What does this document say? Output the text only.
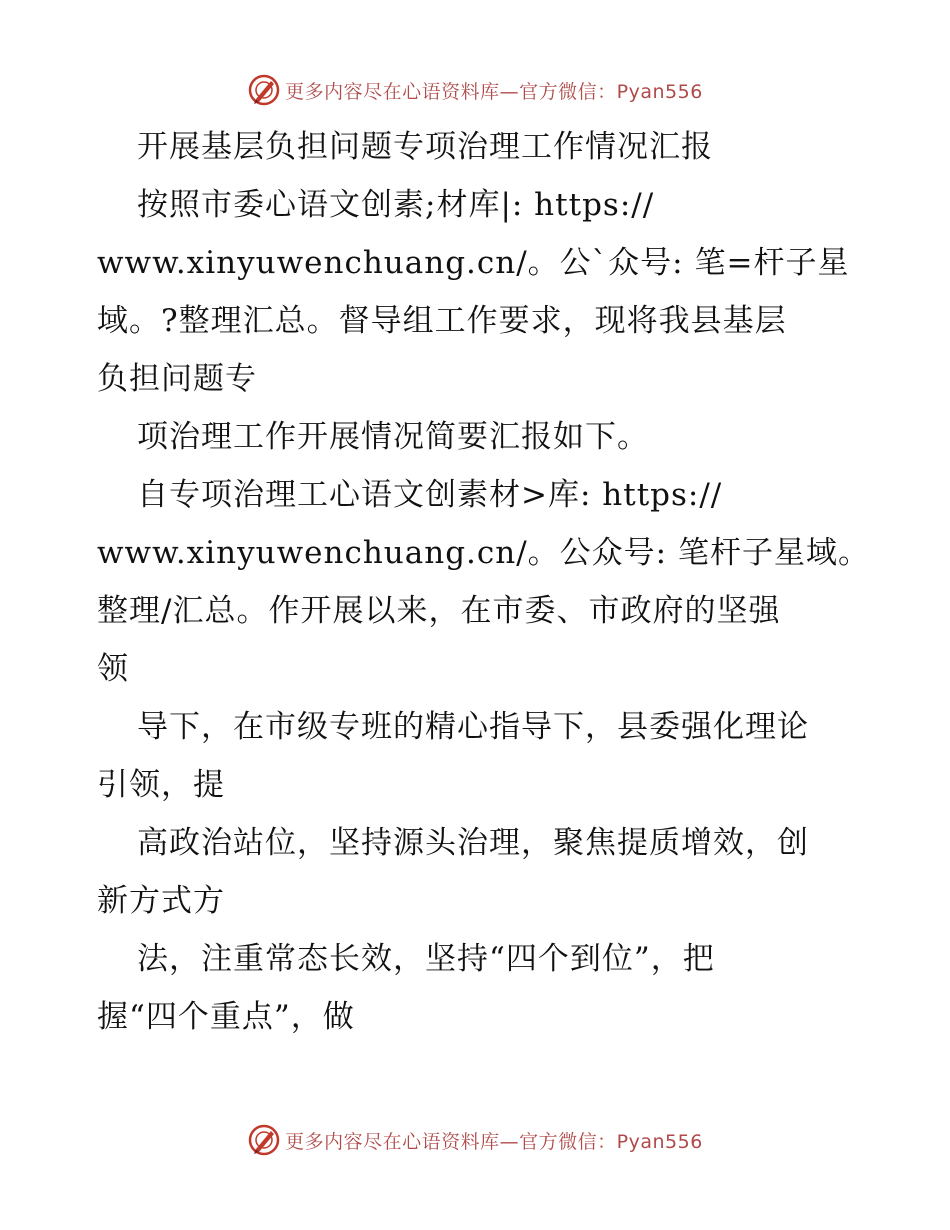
更多内容尽在心语资料库—官方微信：Pyan556
开展基层负担问题专项治理工作情况汇报
按照市委心语文创素;材库|: https://
www.xinyuwenchuang.cn/。公`众号: 笔=杆子星
域。?整理汇总。督导组工作要求，现将我县基层
负担问题专
项治理工作开展情况简要汇报如下。
自专项治理工心语文创素材>库: https://
www.xinyuwenchuang.cn/。公众号: 笔杆子星域。
整理/汇总。作开展以来，在市委、市政府的坚强
领
导下，在市级专班的精心指导下，县委强化理论
引领，提
高政治站位，坚持源头治理，聚焦提质增效，创
新方式方
法，注重常态长效，坚持“四个到位”，把
握“四个重点”，做
更多内容尽在心语资料库—官方微信：Pyan556
